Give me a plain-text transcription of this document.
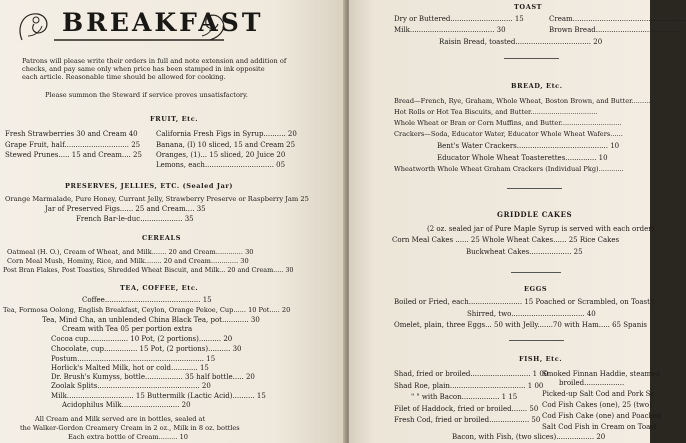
BREAKFAST
Patrons will please write their orders in full and note extension and addition of
checks, and pay same only when price has been stamped in ink opposite
each article. Reasonable time should be allowed for cooking.
Please summon the Steward if service proves unsatisfactory.
FRUIT, Etc.
Fresh Strawberries 30 and Cream 40
Grape Fruit, half............................. 25
Stewed Prunes..... 15 and Cream.... 25
California Fresh Figs in Syrup.......... 20
Banana, (I) 10 sliced, 15 and Cream 25
Oranges, (1)... 15 sliced, 20 Juice 20
Lemons, each............................... 05
PRESERVES, JELLIES, ETC. (Sealed Jar)
Orange Marmalade, Pure Honey, Currant Jelly, Strawberry Preserve or Raspberry Jam 25
Jar of Preserved Figs...... 25 and Cream.... 35
French Bar-le-duc................... 35
CEREALS
Oatmeal (H. O.), Cream of Wheat, and Milk....... 20 and Cream............. 30
Corn Meal Mush, Hominy, Rice, and Milk........ 20 and Cream............. 30
Post Bran Flakes, Post Toasties, Shredded Wheat Biscuit, and Milk... 20 and Cream..... 30
TEA, COFFEE, Etc.
Coffee........................................... 15
Tea, Formosa Oolong, English Breakfast, Ceylon, Orange Pekoe, Cup...... 10 Pot..... 20
Tea, Mind Cha, an unblended China Black Tea, pot............ 30
Cream with Tea 05 per portion extra
Cocoa cup.................. 10 Pot, (2 portions).......... 20
Chocolate, cup............... 15 Pot, (2 portions).......... 30
Postum......................................................... 15
Horlick's Malted Milk, hot or cold............ 15
Dr. Brush's Kumyss, bottle................. 35 half bottle..... 20
Zoolak Splits.............................................. 20
Milk.............................. 15 Buttermilk (Lactic Acid).......... 15
Acidophilus Milk.......................... 20
All Cream and Milk served are in bottles, sealed at
the Walker-Gordon Creamery Cream in 2 oz., Milk in 8 oz. bottles
Each extra bottle of Cream......... 10
TOAST
Dry or Buttered............................ 15
Milk...................................... 30
Cream...................................................
Brown Bread.......................................
Raisin Bread, toasted.................................. 20
BREAD, Etc.
Bread—French, Rye, Graham, Whole Wheat, Boston Brown, and Butter.........
Hot Rolls or Hot Tea Biscuits, and Butter................................
Whole Wheat or Bran or Corn Muffins, and Butter.............................
Crackers—Soda, Educator Water, Educator Whole Wheat Wafers......
Bent's Water Crackers......................................... 10
Educator Whole Wheat Toasterettes.............. 10
Wheatworth Whole Wheat Graham Crackers (Individual Pkg)............
GRIDDLE CAKES
(2 oz. sealed jar of Pure Maple Syrup is served with each order)
Corn Meal Cakes ...... 25 Whole Wheat Cakes...... 25 Rice Cakes
Buckwheat Cakes................... 25
EGGS
Boiled or Fried, each........................ 15 Poached or Scrambled, on Toast (
Shirred, two................................. 40
Omelet, plain, three Eggs... 50 with Jelly.......70 with Ham..... 65 Spanis
FISH, Etc.
Shad, fried or broiled........................... 1 00
Shad Roe, plain.................................. 1 00
" " with Bacon................. 1 15
Filet of Haddock, fried or broiled....... 50
Fresh Cod, fried or broiled.................. 50
Smoked Finnan Haddie, steamed
broiled..................
Picked-up Salt Cod and Pork Sc
Cod Fish Cakes (one), 25 (two)
Cod Fish Cake (one) and Poached
Salt Cod Fish in Cream on Toast
Bacon, with Fish, (two slices)................. 20
